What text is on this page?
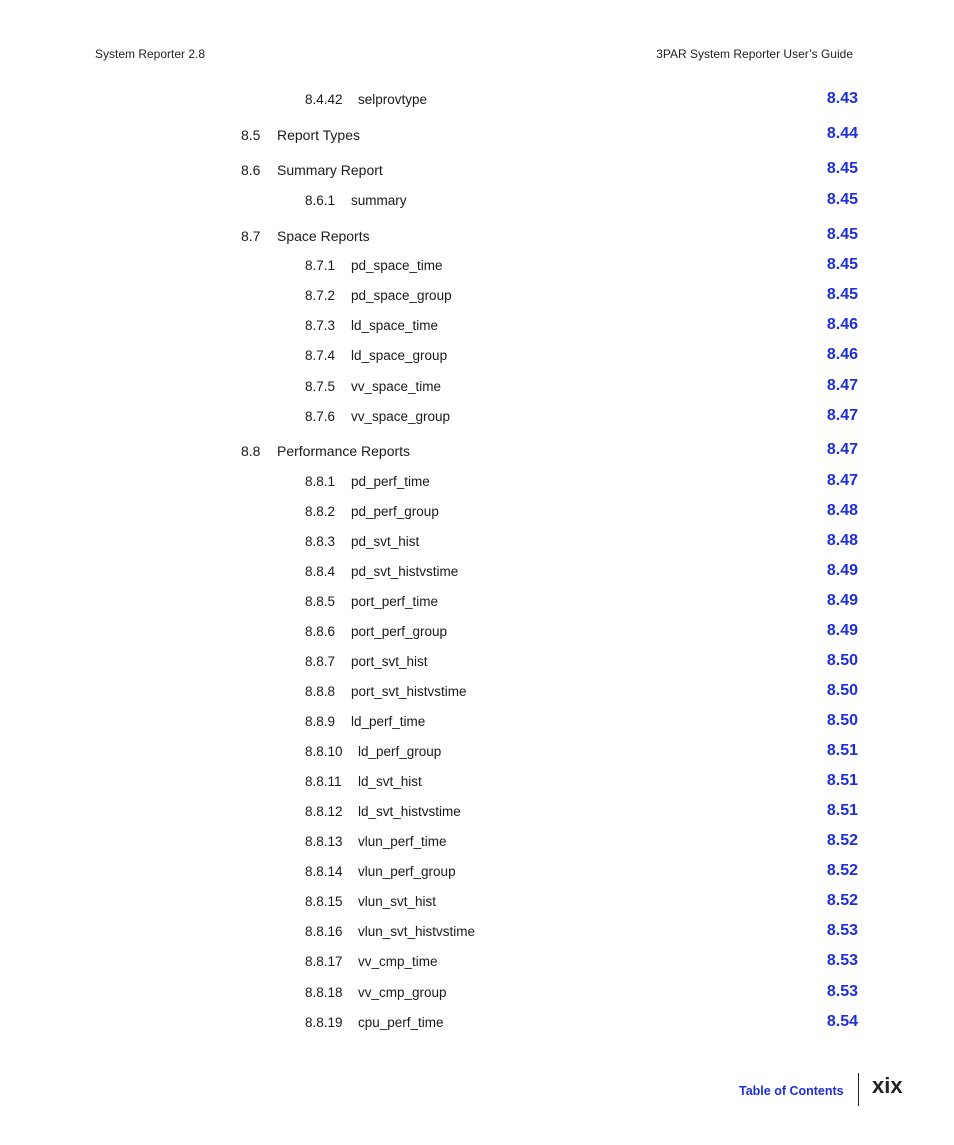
System Reporter 2.8	3PAR System Reporter User’s Guide
8.4.42 selprovtype	8.43
8.5 Report Types	8.44
8.6 Summary Report	8.45
8.6.1 summary	8.45
8.7 Space Reports	8.45
8.7.1 pd_space_time	8.45
8.7.2 pd_space_group	8.45
8.7.3 ld_space_time	8.46
8.7.4 ld_space_group	8.46
8.7.5 vv_space_time	8.47
8.7.6 vv_space_group	8.47
8.8 Performance Reports	8.47
8.8.1 pd_perf_time	8.47
8.8.2 pd_perf_group	8.48
8.8.3 pd_svt_hist	8.48
8.8.4 pd_svt_histvstime	8.49
8.8.5 port_perf_time	8.49
8.8.6 port_perf_group	8.49
8.8.7 port_svt_hist	8.50
8.8.8 port_svt_histvstime	8.50
8.8.9 ld_perf_time	8.50
8.8.10 ld_perf_group	8.51
8.8.11 ld_svt_hist	8.51
8.8.12 ld_svt_histvstime	8.51
8.8.13 vlun_perf_time	8.52
8.8.14 vlun_perf_group	8.52
8.8.15 vlun_svt_hist	8.52
8.8.16 vlun_svt_histvstime	8.53
8.8.17 vv_cmp_time	8.53
8.8.18 vv_cmp_group	8.53
8.8.19 cpu_perf_time	8.54
Table of Contents xix
